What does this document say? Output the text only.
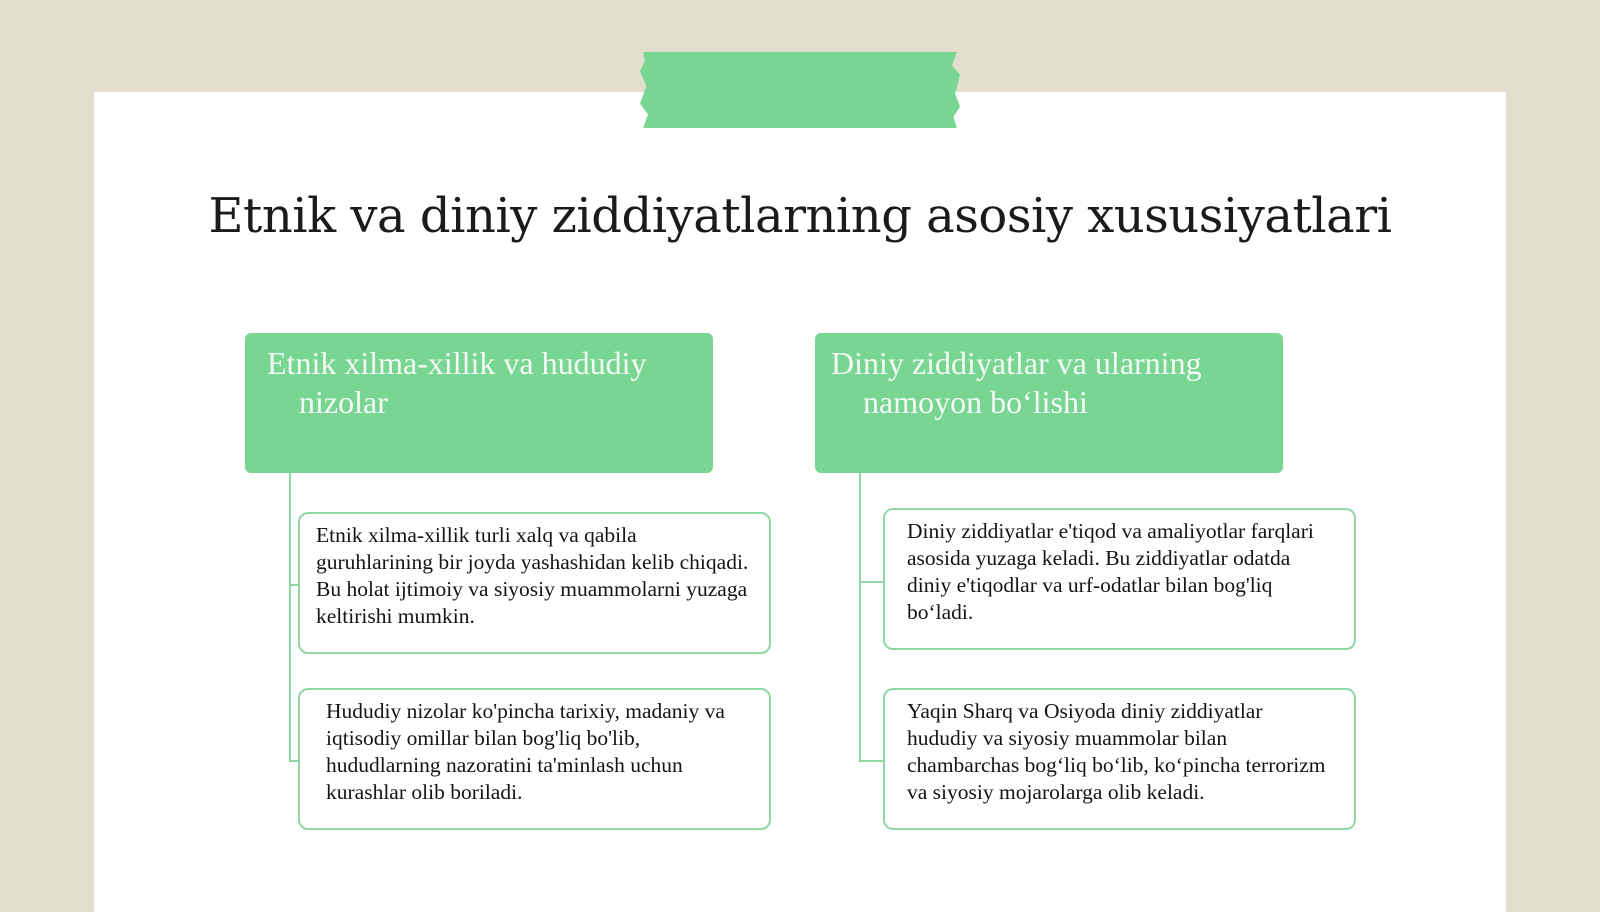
Etnik va diniy ziddiyatlarning asosiy xususiyatlari
Etnik xilma-xillik va hududiy
nizolar
Etnik xilma-xillik turli xalq va qabila guruhlarining bir joyda yashashidan kelib chiqadi. Bu holat ijtimoiy va siyosiy muammolarni yuzaga keltirishi mumkin.
Hududiy nizolar ko'pincha tarixiy, madaniy va iqtisodiy omillar bilan bog'liq bo'lib, hududlarning nazoratini ta'minlash uchun kurashlar olib boriladi.
Diniy ziddiyatlar va ularning
namoyon bo‘lishi
Diniy ziddiyatlar e'tiqod va amaliyotlar farqlari asosida yuzaga keladi. Bu ziddiyatlar odatda diniy e'tiqodlar va urf-odatlar bilan bog'liq bo‘ladi.
Yaqin Sharq va Osiyoda diniy ziddiyatlar hududiy va siyosiy muammolar bilan chambarchas bog‘liq bo‘lib, ko‘pincha terrorizm va siyosiy mojarolarga olib keladi.
